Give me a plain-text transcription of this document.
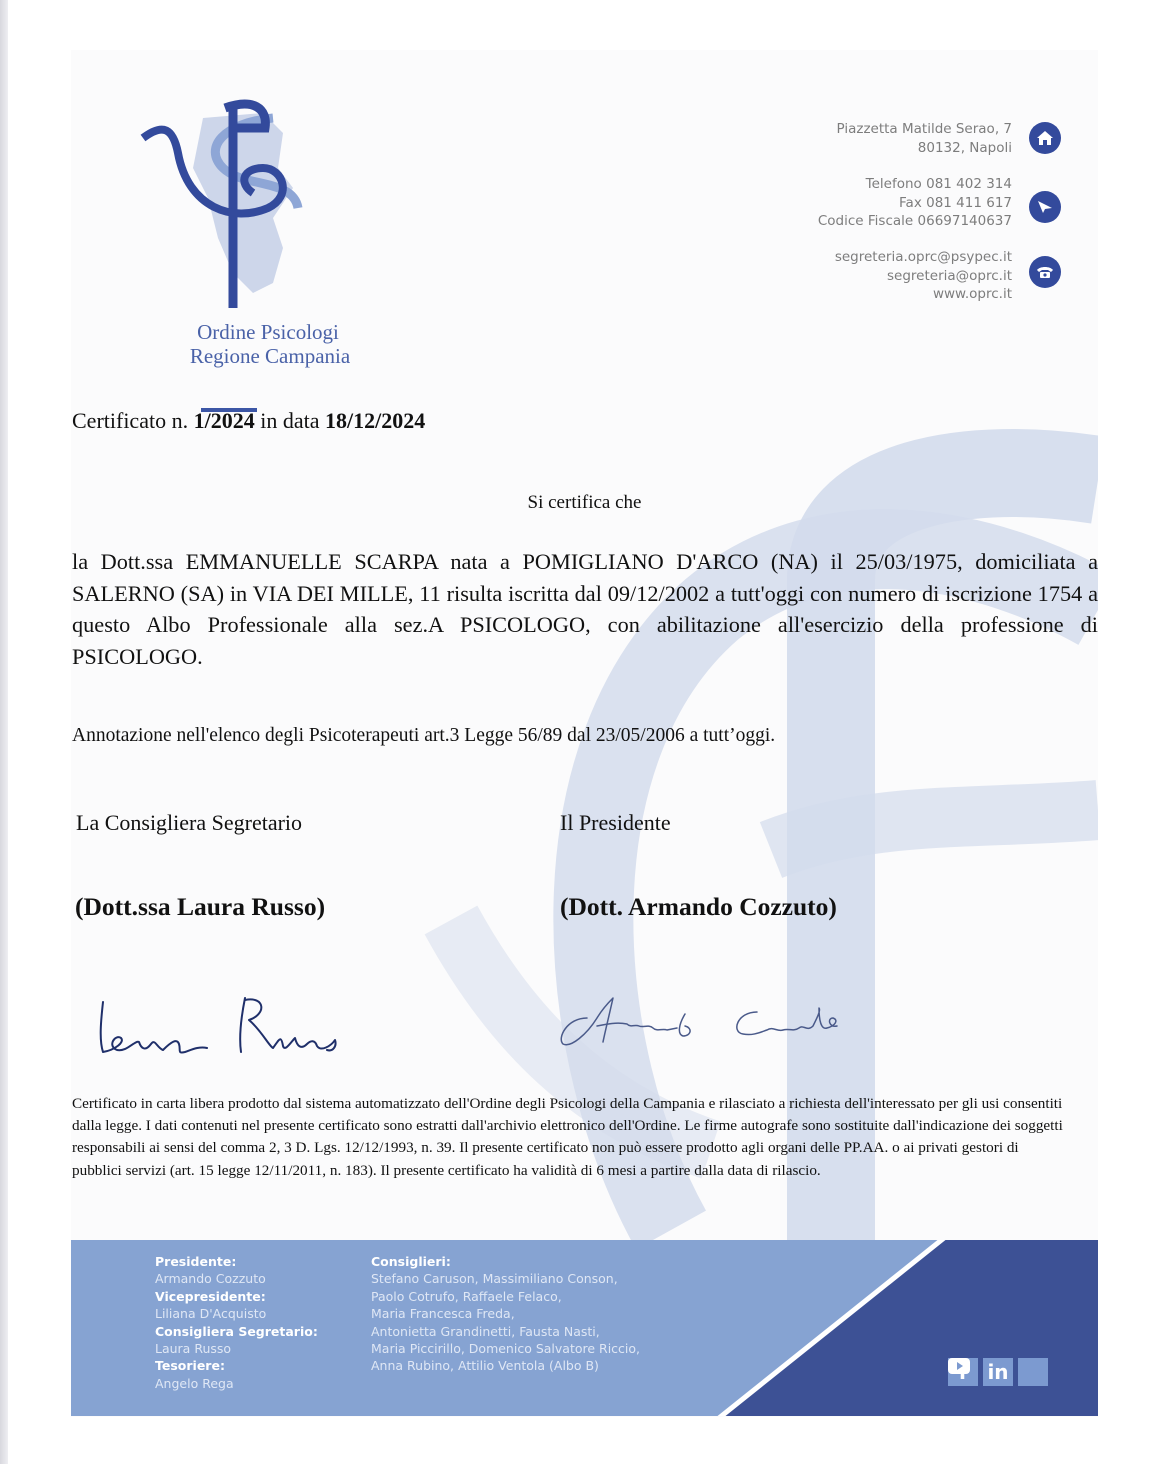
Ordine Psicologi
Regione Campania
Piazzetta Matilde Serao, 7
80132, Napoli
Telefono 081 402 314
Fax 081 411 617
Codice Fiscale 06697140637
segreteria.oprc@psypec.it
segreteria@oprc.it
www.oprc.it
Certificato n. 1/2024 in data 18/12/2024
Si certifica che
la Dott.ssa EMMANUELLE SCARPA nata a POMIGLIANO D'ARCO (NA) il 25/03/1975, domiciliata a SALERNO (SA) in VIA DEI MILLE, 11 risulta iscritta dal 09/12/2002 a tutt'oggi con numero di iscrizione 1754 a questo Albo Professionale alla sez.A PSICOLOGO, con abilitazione all'esercizio della professione di PSICOLOGO.
Annotazione nell'elenco degli Psicoterapeuti art.3 Legge 56/89 dal 23/05/2006 a tutt’oggi.
La Consigliera Segretario	Il Presidente
(Dott.ssa Laura Russo)	(Dott. Armando Cozzuto)
Certificato in carta libera prodotto dal sistema automatizzato dell'Ordine degli Psicologi della Campania e rilasciato a richiesta dell'interessato per gli usi consentiti dalla legge. I dati contenuti nel presente certificato sono estratti dall'archivio elettronico dell'Ordine. Le firme autografe sono sostituite dall'indicazione dei soggetti responsabili ai sensi del comma 2, 3 D. Lgs. 12/12/1993, n. 39. Il presente certificato non può essere prodotto agli organi delle PP.AA. o ai privati gestori di pubblici servizi (art. 15 legge 12/11/2011, n. 183). Il presente certificato ha validità di 6 mesi a partire dalla data di rilascio.
Presidente:
Armando Cozzuto
Vicepresidente:
Liliana D'Acquisto
Consigliera Segretario:
Laura Russo
Tesoriere:
Angelo Rega
Consiglieri:
Stefano Caruson, Massimiliano Conson,
Paolo Cotrufo, Raffaele Felaco,
Maria Francesca Freda,
Antonietta Grandinetti, Fausta Nasti,
Maria Piccirillo, Domenico Salvatore Riccio,
Anna Rubino, Attilio Ventola (Albo B)	in
